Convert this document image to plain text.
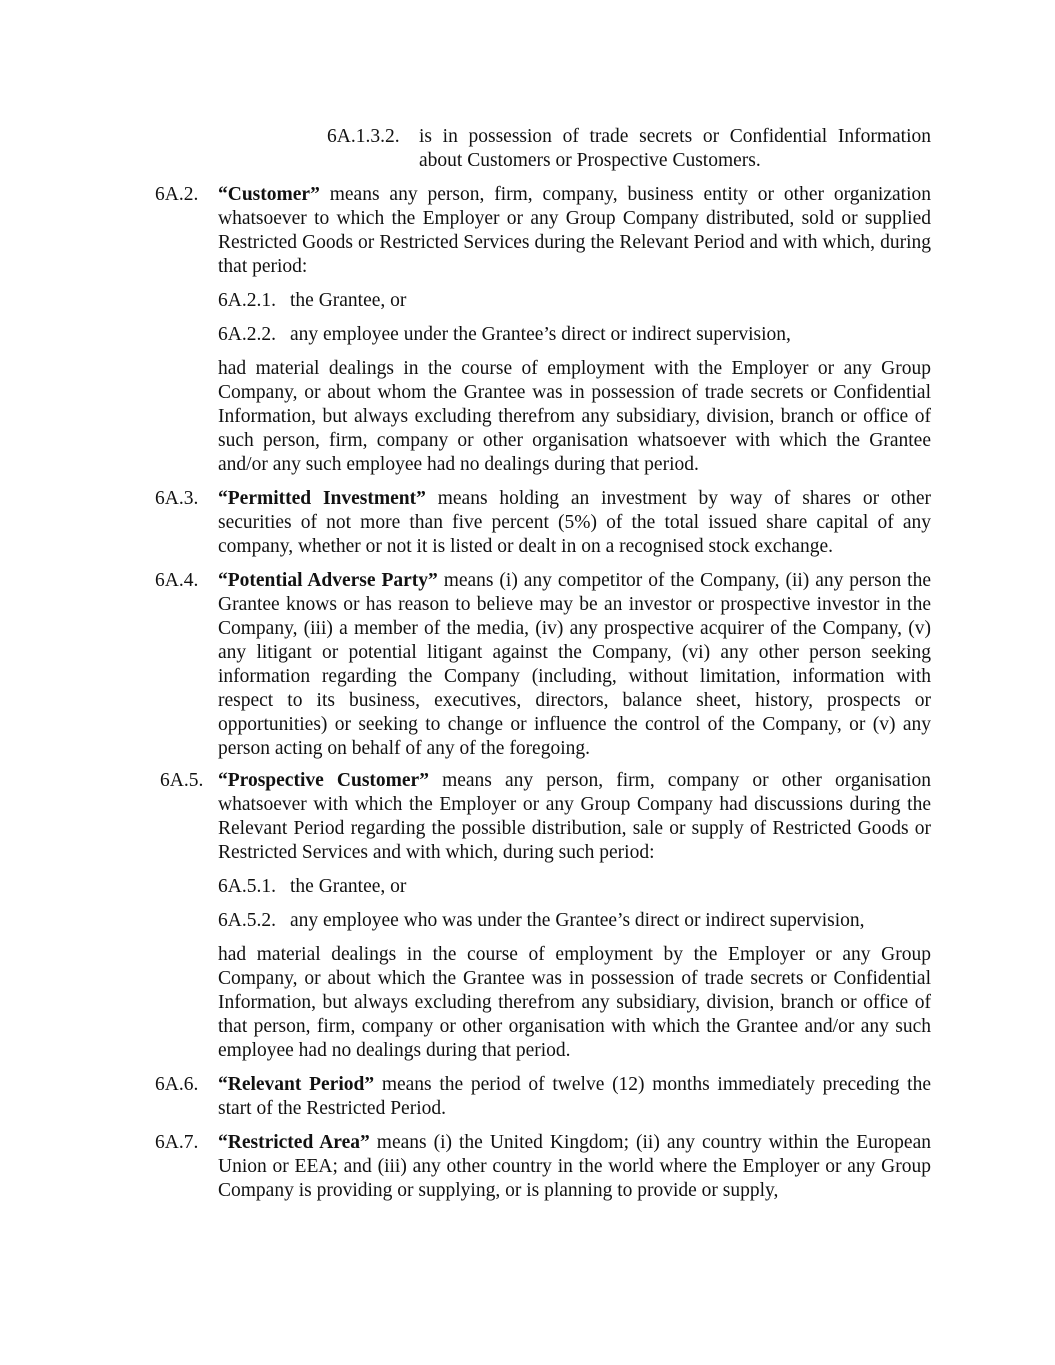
6A.1.3.2. is in possession of trade secrets or Confidential Information about Customers or Prospective Customers.

6A.2. “Customer” means any person, firm, company, business entity or other organization whatsoever to which the Employer or any Group Company distributed, sold or supplied Restricted Goods or Restricted Services during the Relevant Period and with which, during that period:

6A.2.1. the Grantee, or
6A.2.2. any employee under the Grantee’s direct or indirect supervision,

had material dealings in the course of employment with the Employer or any Group Company, or about whom the Grantee was in possession of trade secrets or Confidential Information, but always excluding therefrom any subsidiary, division, branch or office of such person, firm, company or other organisation whatsoever with which the Grantee and/or any such employee had no dealings during that period.

6A.3. “Permitted Investment” means holding an investment by way of shares or other securities of not more than five percent (5%) of the total issued share capital of any company, whether or not it is listed or dealt in on a recognised stock exchange.

6A.4. “Potential Adverse Party” means (i) any competitor of the Company, (ii) any person the Grantee knows or has reason to believe may be an investor or prospective investor in the Company, (iii) a member of the media, (iv) any prospective acquirer of the Company, (v) any litigant or potential litigant against the Company, (vi) any other person seeking information regarding the Company (including, without limitation, information with respect to its business, executives, directors, balance sheet, history, prospects or opportunities) or seeking to change or influence the control of the Company, or (v) any person acting on behalf of any of the foregoing.

6A.5. “Prospective Customer” means any person, firm, company or other organisation whatsoever with which the Employer or any Group Company had discussions during the Relevant Period regarding the possible distribution, sale or supply of Restricted Goods or Restricted Services and with which, during such period:

6A.5.1. the Grantee, or
6A.5.2. any employee who was under the Grantee’s direct or indirect supervision,

had material dealings in the course of employment by the Employer or any Group Company, or about which the Grantee was in possession of trade secrets or Confidential Information, but always excluding therefrom any subsidiary, division, branch or office of that person, firm, company or other organisation with which the Grantee and/or any such employee had no dealings during that period.

6A.6. “Relevant Period” means the period of twelve (12) months immediately preceding the start of the Restricted Period.

6A.7. “Restricted Area” means (i) the United Kingdom; (ii) any country within the European Union or EEA; and (iii) any other country in the world where the Employer or any Group Company is providing or supplying, or is planning to provide or supply,
